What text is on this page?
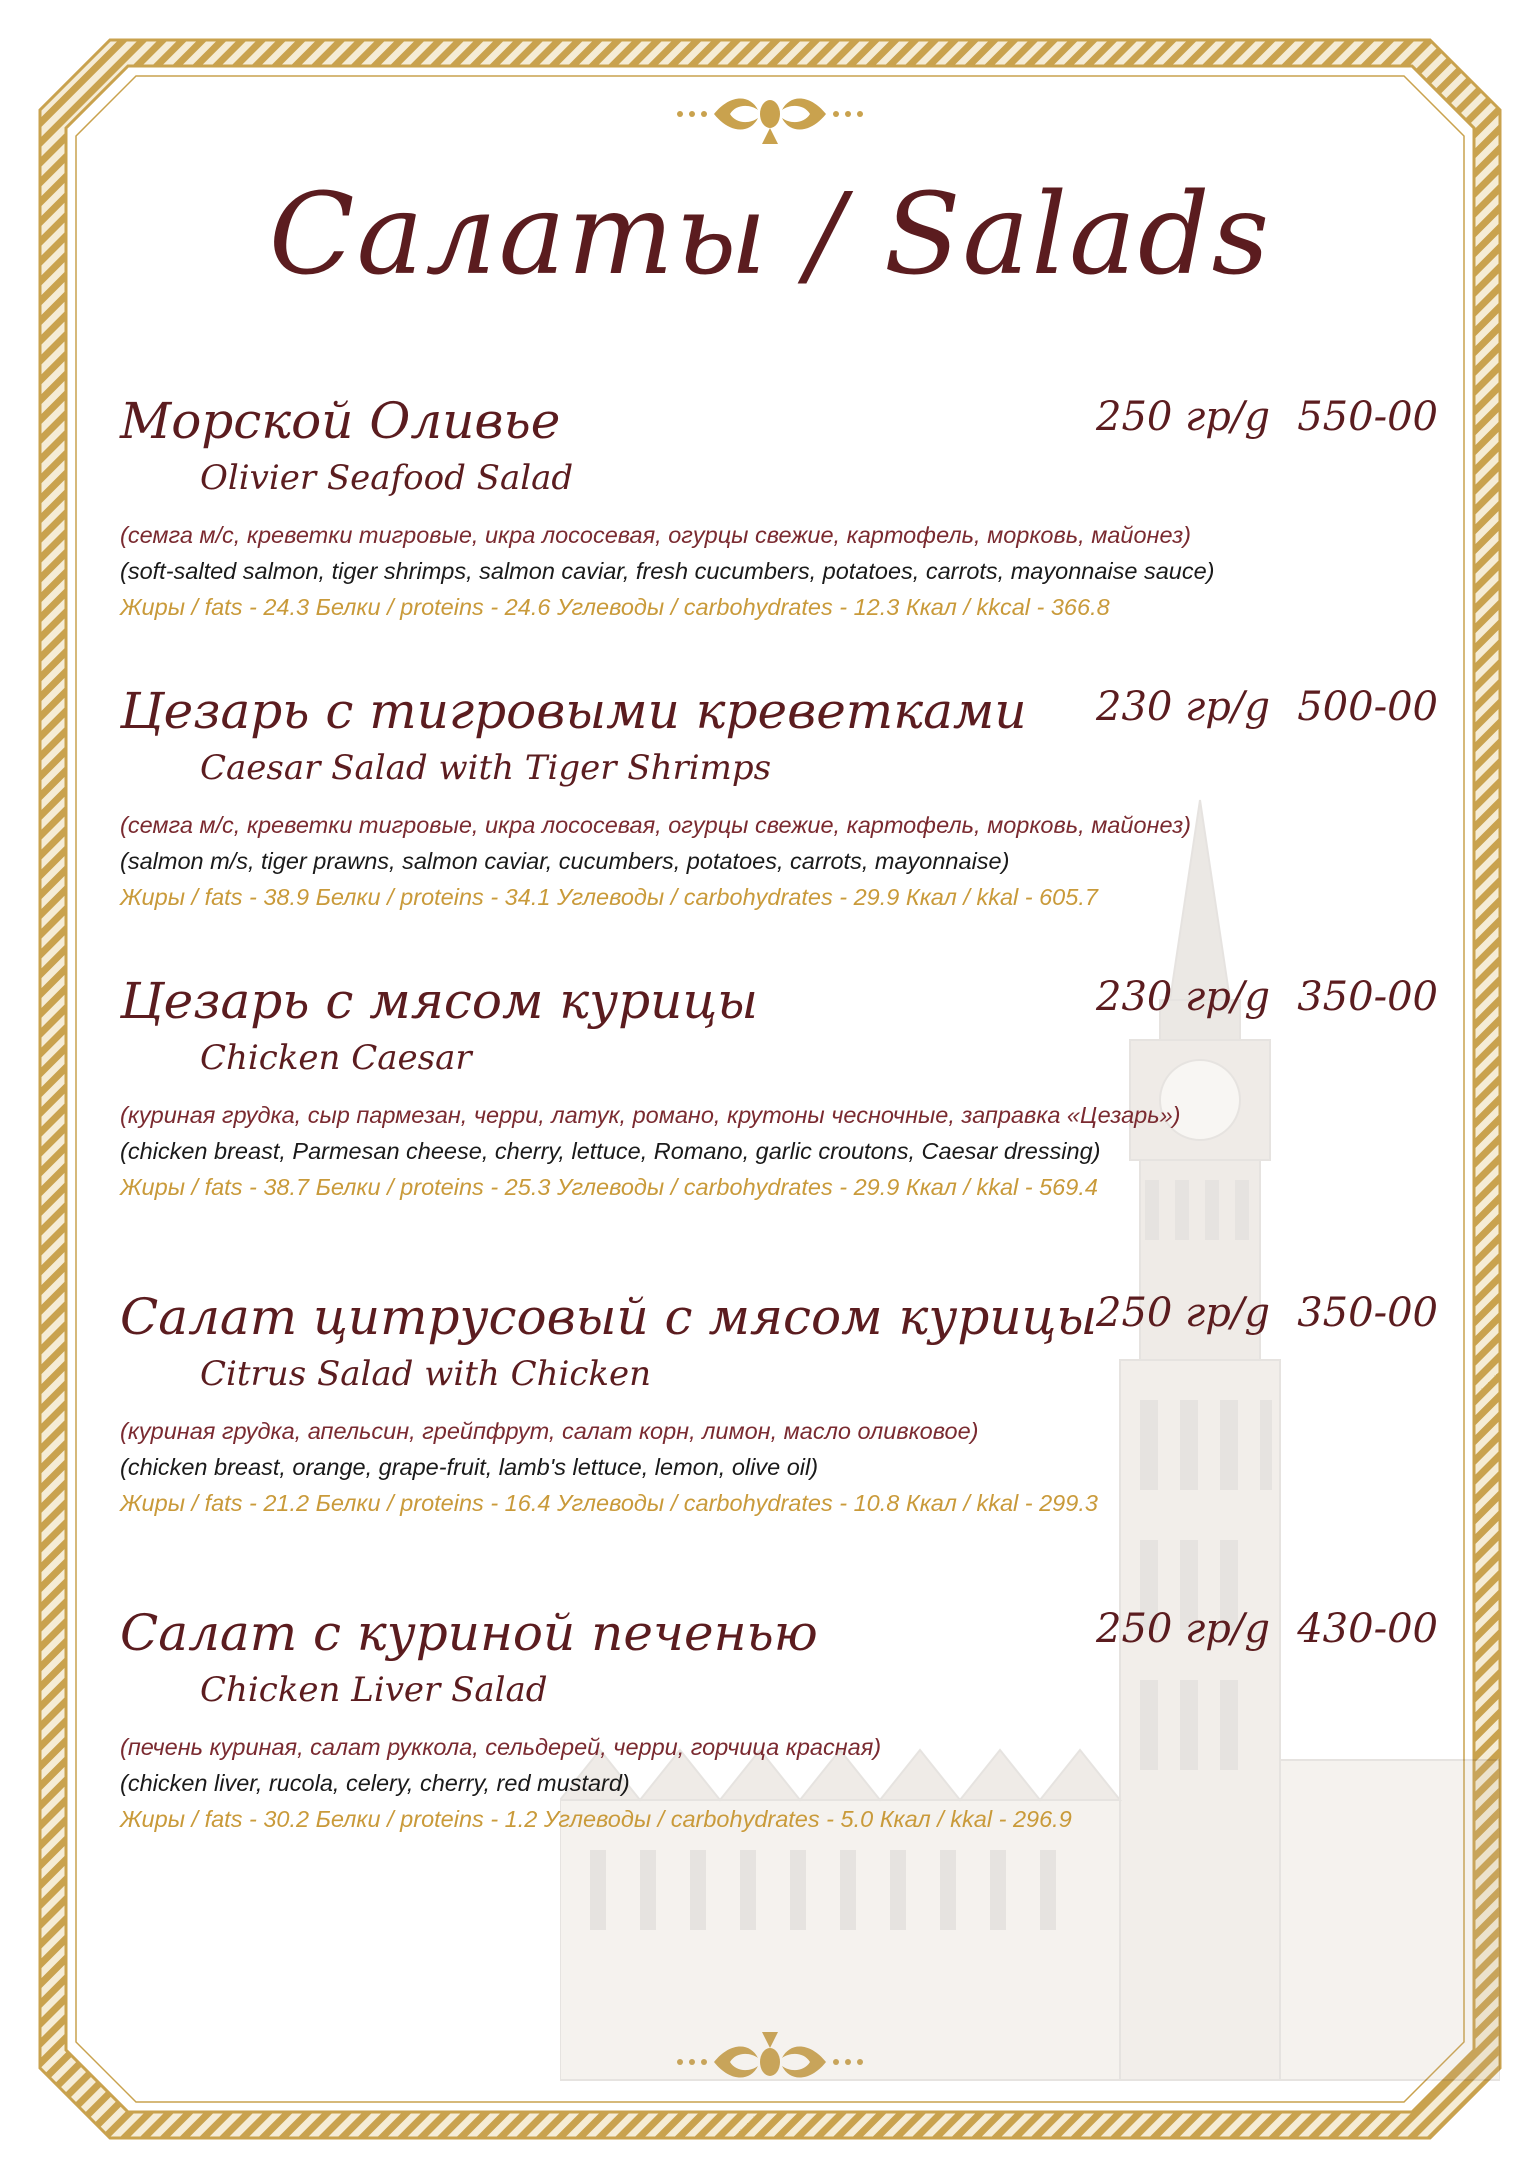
Салаты / Salads
Морской Оливье
Olivier Seafood Salad
250 гр/g 550-00
(семга м/с, креветки тигровые, икра лососевая, огурцы свежие, картофель, морковь, майонез)
(soft-salted salmon, tiger shrimps, salmon caviar, fresh cucumbers, potatoes, carrots, mayonnaise sauce)
Жиры / fats - 24.3 Белки / proteins - 24.6 Углеводы / carbohydrates - 12.3 Ккал / kkcal - 366.8
Цезарь с тигровыми креветками
Caesar Salad with Tiger Shrimps
230 гр/g 500-00
(семга м/с, креветки тигровые, икра лососевая, огурцы свежие, картофель, морковь, майонез)
(salmon m/s, tiger prawns, salmon caviar, cucumbers, potatoes, carrots, mayonnaise)
Жиры / fats - 38.9 Белки / proteins - 34.1 Углеводы / carbohydrates - 29.9 Ккал / kkal - 605.7
Цезарь с мясом курицы
Chicken Caesar
230 гр/g 350-00
(куриная грудка, сыр пармезан, черри, латук, романо, крутоны чесночные, заправка «Цезарь»)
(chicken breast, Parmesan cheese, cherry, lettuce, Romano, garlic croutons, Caesar dressing)
Жиры / fats - 38.7 Белки / proteins - 25.3 Углеводы / carbohydrates - 29.9 Ккал / kkal - 569.4
Салат цитрусовый с мясом курицы
Citrus Salad with Chicken
250 гр/g 350-00
(куриная грудка, апельсин, грейпфрут, салат корн, лимон, масло оливковое)
(chicken breast, orange, grape-fruit, lamb's lettuce, lemon, olive oil)
Жиры / fats - 21.2 Белки / proteins - 16.4 Углеводы / carbohydrates - 10.8 Ккал / kkal - 299.3
Салат с куриной печенью
Chicken Liver Salad
250 гр/g 430-00
(печень куриная, салат руккола, сельдерей, черри, горчица красная)
(chicken liver, rucola, celery, cherry, red mustard)
Жиры / fats - 30.2 Белки / proteins - 1.2 Углеводы / carbohydrates - 5.0 Ккал / kkal - 296.9
